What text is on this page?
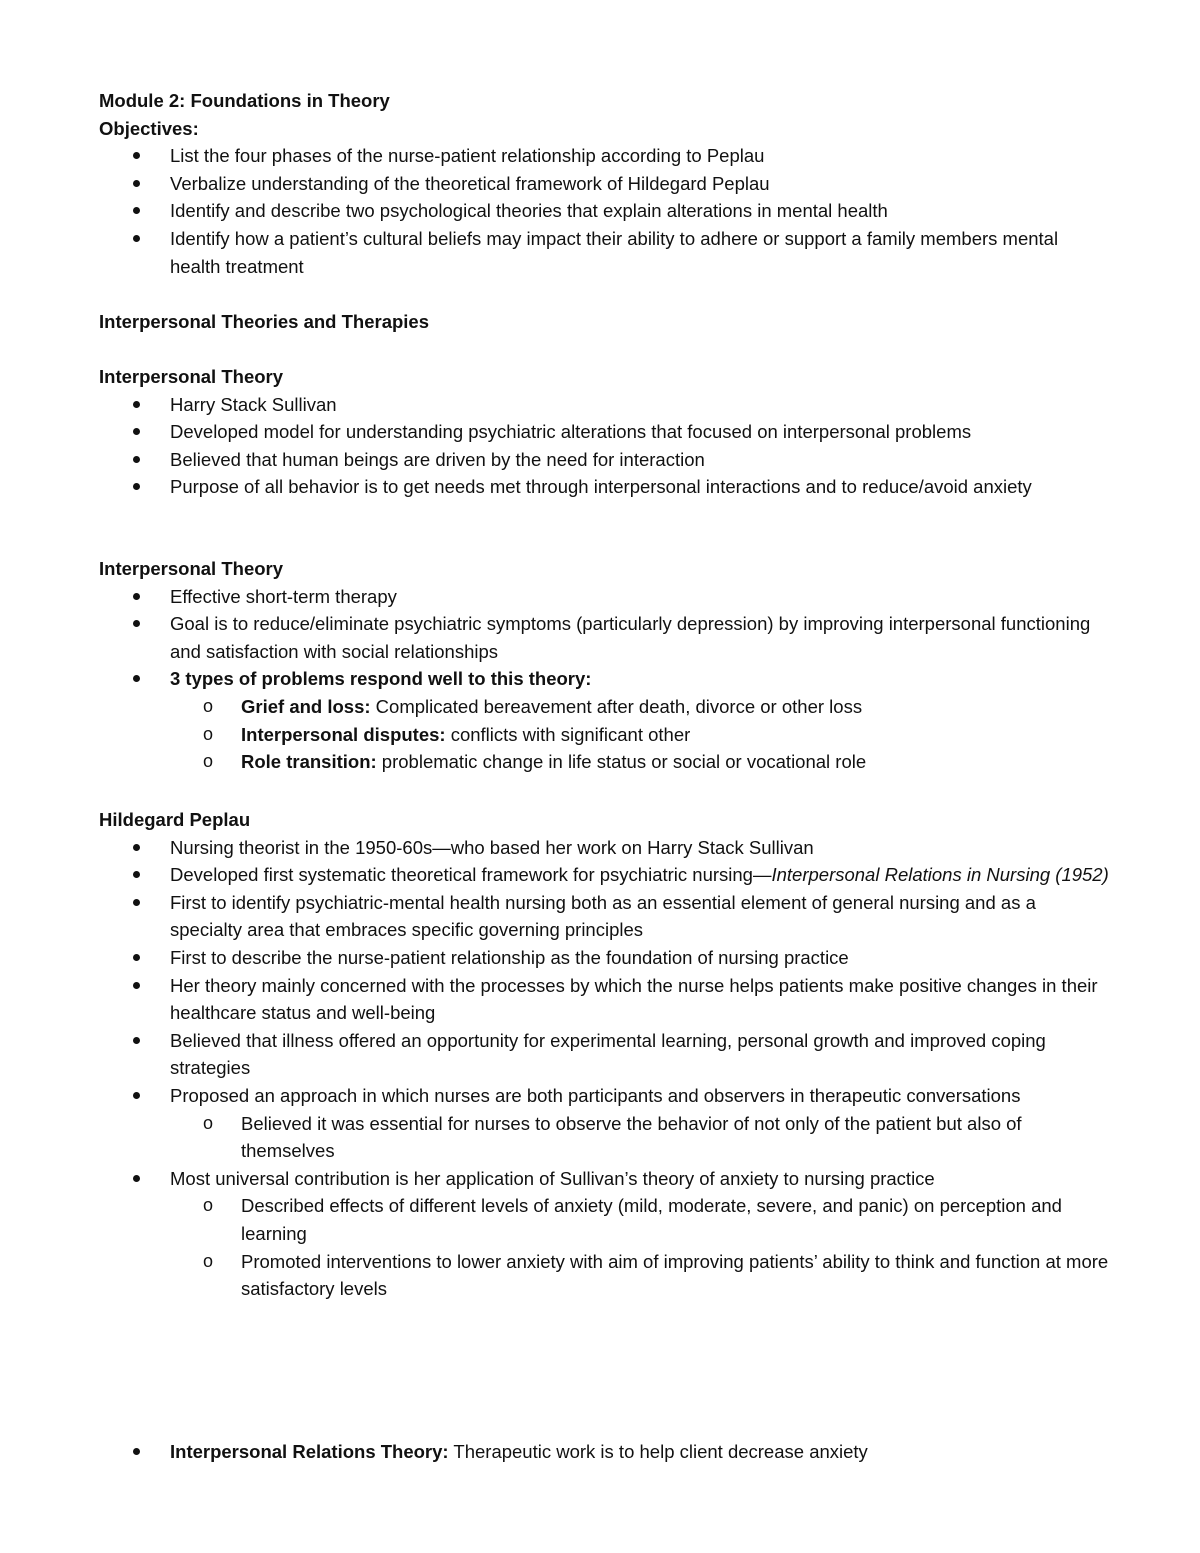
Module 2: Foundations in Theory

Objectives:

List the four phases of the nurse-patient relationship according to Peplau
Verbalize understanding of the theoretical framework of Hildegard Peplau
Identify and describe two psychological theories that explain alterations in mental health
Identify how a patient’s cultural beliefs may impact their ability to adhere or support a family members mental health treatment

Interpersonal Theories and Therapies

Interpersonal Theory

Harry Stack Sullivan
Developed model for understanding psychiatric alterations that focused on interpersonal problems
Believed that human beings are driven by the need for interaction
Purpose of all behavior is to get needs met through interpersonal interactions and to reduce/avoid anxiety

Interpersonal Theory

Effective short-term therapy
Goal is to reduce/eliminate psychiatric symptoms (particularly depression) by improving interpersonal functioning and satisfaction with social relationships
3 types of problems respond well to this theory:
o Grief and loss: Complicated bereavement after death, divorce or other loss
o Interpersonal disputes: conflicts with significant other
o Role transition: problematic change in life status or social or vocational role

Hildegard Peplau

Nursing theorist in the 1950-60s—who based her work on Harry Stack Sullivan
Developed first systematic theoretical framework for psychiatric nursing—Interpersonal Relations in Nursing (1952)
First to identify psychiatric-mental health nursing both as an essential element of general nursing and as a specialty area that embraces specific governing principles
First to describe the nurse-patient relationship as the foundation of nursing practice
Her theory mainly concerned with the processes by which the nurse helps patients make positive changes in their healthcare status and well-being
Believed that illness offered an opportunity for experimental learning, personal growth and improved coping strategies
Proposed an approach in which nurses are both participants and observers in therapeutic conversations
o Believed it was essential for nurses to observe the behavior of not only of the patient but also of themselves
Most universal contribution is her application of Sullivan’s theory of anxiety to nursing practice
o Described effects of different levels of anxiety (mild, moderate, severe, and panic) on perception and learning
o Promoted interventions to lower anxiety with aim of improving patients’ ability to think and function at more satisfactory levels
Interpersonal Relations Theory: Therapeutic work is to help client decrease anxiety
